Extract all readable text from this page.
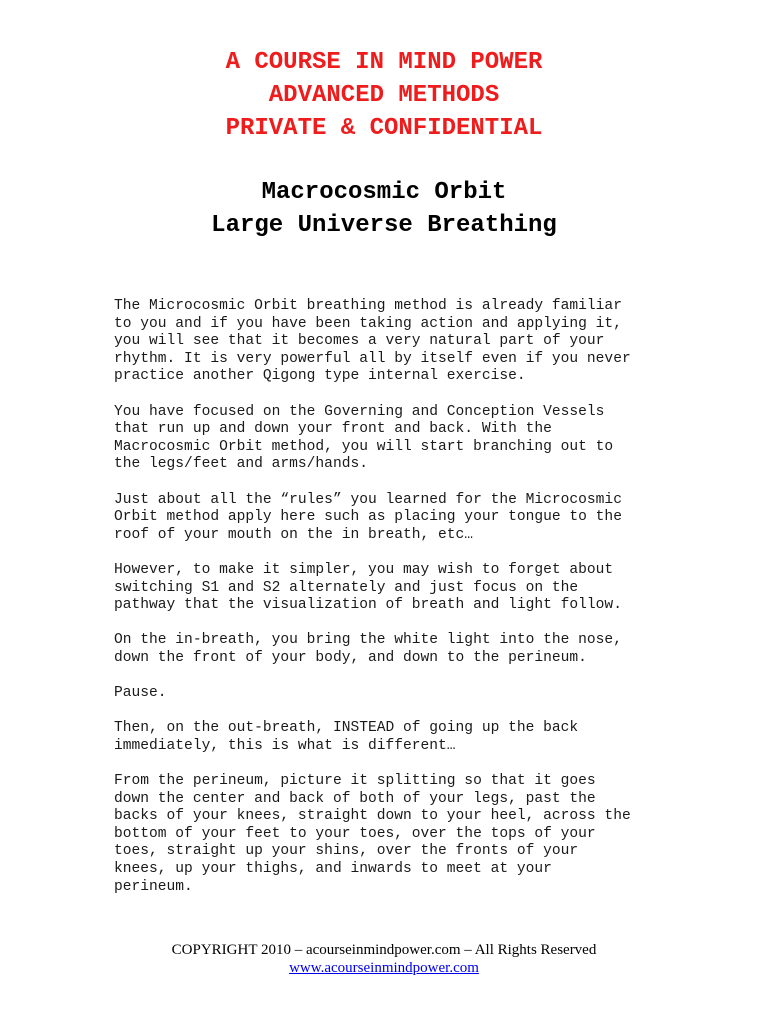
A COURSE IN MIND POWER
ADVANCED METHODS
PRIVATE & CONFIDENTIAL
Macrocosmic Orbit
Large Universe Breathing

The Microcosmic Orbit breathing method is already familiar
to you and if you have been taking action and applying it,
you will see that it becomes a very natural part of your
rhythm. It is very powerful all by itself even if you never
practice another Qigong type internal exercise.

You have focused on the Governing and Conception Vessels
that run up and down your front and back. With the
Macrocosmic Orbit method, you will start branching out to
the legs/feet and arms/hands.

Just about all the “rules” you learned for the Microcosmic
Orbit method apply here such as placing your tongue to the
roof of your mouth on the in breath, etc…

However, to make it simpler, you may wish to forget about
switching S1 and S2 alternately and just focus on the
pathway that the visualization of breath and light follow.

On the in-breath, you bring the white light into the nose,
down the front of your body, and down to the perineum.

Pause.

Then, on the out-breath, INSTEAD of going up the back
immediately, this is what is different…

From the perineum, picture it splitting so that it goes
down the center and back of both of your legs, past the
backs of your knees, straight down to your heel, across the
bottom of your feet to your toes, over the tops of your
toes, straight up your shins, over the fronts of your
knees, up your thighs, and inwards to meet at your
perineum.

COPYRIGHT 2010 – acourseinmindpower.com – All Rights Reserved
www.acourseinmindpower.com
